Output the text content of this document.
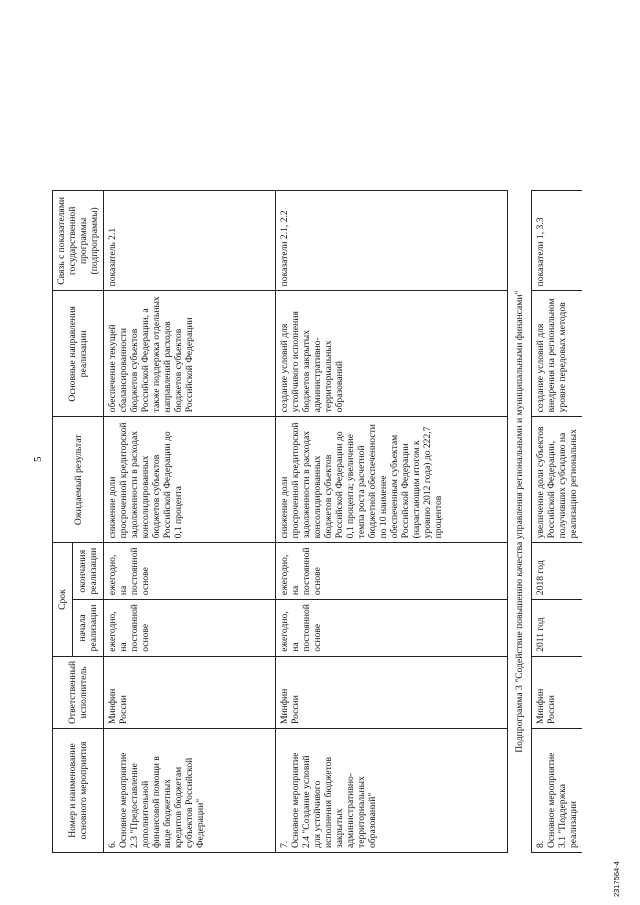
5
Номер и наименование основного мероприятия	Ответственный исполнитель	Срок		Ожидаемый результат	Основные направления реализации	Связь с показателями государственной программы (подпрограммы)
		начала реализации	окончания реализации			
6.Основное мероприятие 2.3 "Предоставление дополнительной финансовой помощи в виде бюджетных кредитов бюджетам субъектов Российской Федерации"	Минфин России	ежегодно, на постоянной основе	ежегодно, на постоянной основе	снижение доли просроченной кредиторской задолженности в расходах консолидированных бюджетов субъектов Российской Федерации до 0,1 процента	обеспечение текущей сбалансированности бюджетов субъектов Российской Федерации, а также поддержка отдельных направлений расходов бюджетов субъектов Российской Федерации	показатель 2.1
7.Основное мероприятие 2.4 "Создание условий для устойчивого исполнения бюджетов закрытых административно-территориальных образований"	Минфин России	ежегодно, на постоянной основе	ежегодно, на постоянной основе	снижение доли просроченной кредиторской задолженности в расходах консолидированных бюджетов субъектов Российской Федерации до 0,1 процента; увеличение темпа роста расчетной бюджетной обеспеченности по 10 наименее обеспеченным субъектам Российской Федерации (нарастающим итогом к уровню 2012 года) до 222,7 процентов	создание условий для устойчивого исполнения бюджетов закрытых административно-территориальных образований	показатели 2.1, 2.2
Подпрограмма 3 "Содействие повышению качества управления региональными и муниципальными финансами"						
8.Основное мероприятие 3.1 "Поддержка реализации	Минфин России	2011 год	2018 год	увеличение доли субъектов Российской Федерации, получивших субсидию на реализацию региональных	создание условий для внедрения на региональном уровне передовых методов	показатели 1, 3.3
2317564-4
